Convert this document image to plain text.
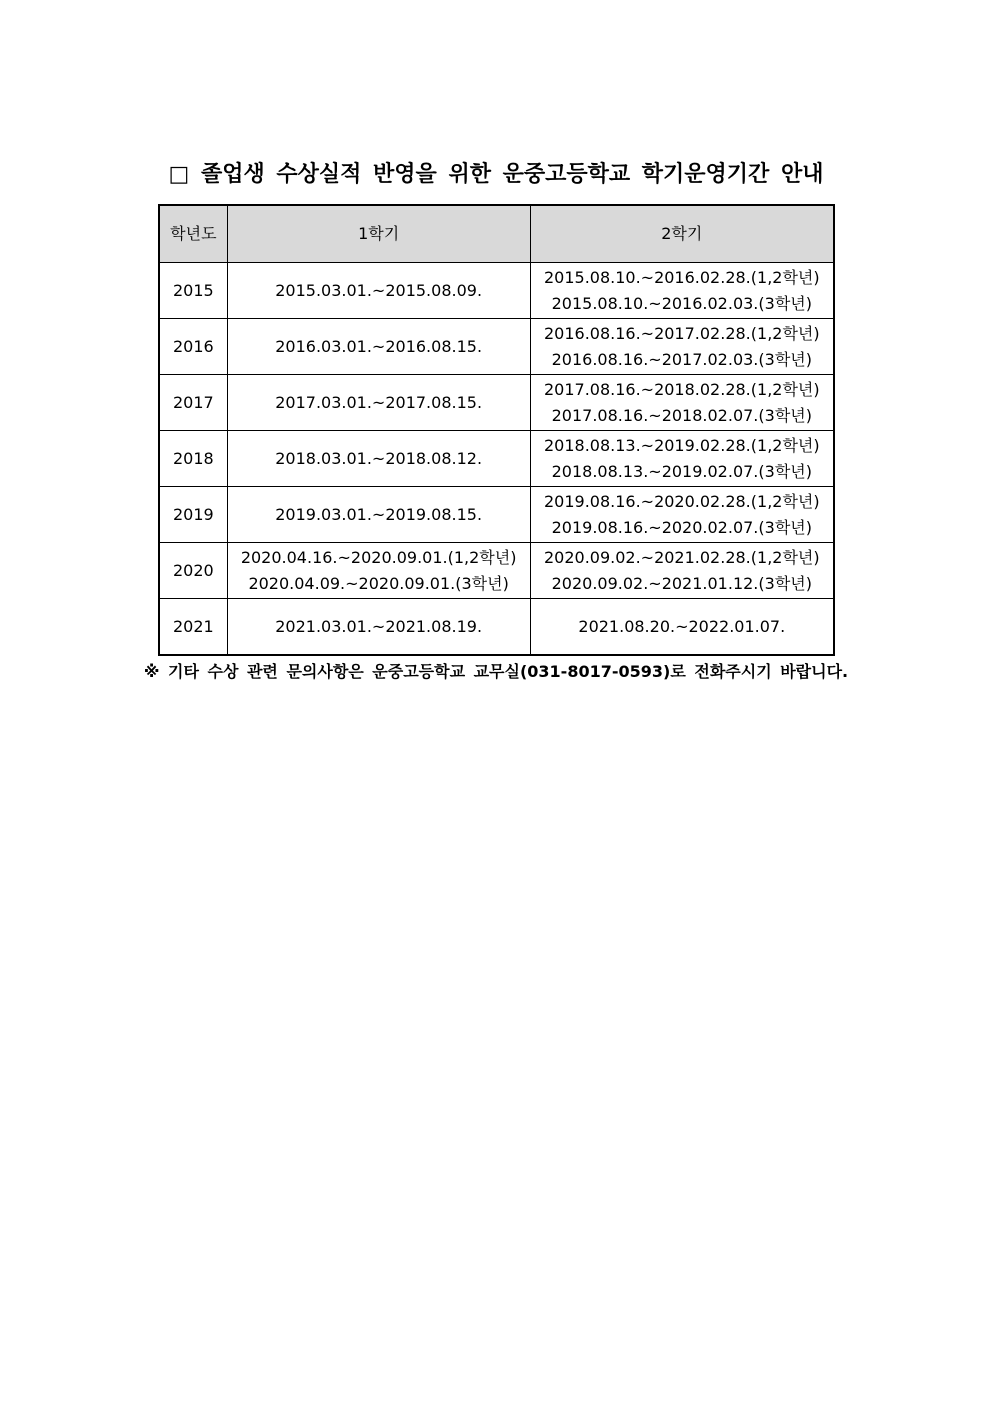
□ 졸업생 수상실적 반영을 위한 운중고등학교 학기운영기간 안내
학년도	1학기	2학기
2015	2015.03.01.~2015.08.09.	2015.08.10.~2016.02.28.(1,2학년)
2015.08.10.~2016.02.03.(3학년)

2016	2016.03.01.~2016.08.15.	2016.08.16.~2017.02.28.(1,2학년)
2016.08.16.~2017.02.03.(3학년)

2017	2017.03.01.~2017.08.15.	2017.08.16.~2018.02.28.(1,2학년)
2017.08.16.~2018.02.07.(3학년)

2018	2018.03.01.~2018.08.12.	2018.08.13.~2019.02.28.(1,2학년)
2018.08.13.~2019.02.07.(3학년)

2019	2019.03.01.~2019.08.15.	2019.08.16.~2020.02.28.(1,2학년)
2019.08.16.~2020.02.07.(3학년)

2020	2020.04.16.~2020.09.01.(1,2학년)
2020.04.09.~2020.09.01.(3학년)	2020.09.02.~2021.02.28.(1,2학년)
2020.09.02.~2021.01.12.(3학년)

2021	2021.03.01.~2021.08.19.	2021.08.20.~2022.01.07.
※ 기타 수상 관련 문의사항은 운중고등학교 교무실(031-8017-0593)로 전화주시기 바랍니다.
